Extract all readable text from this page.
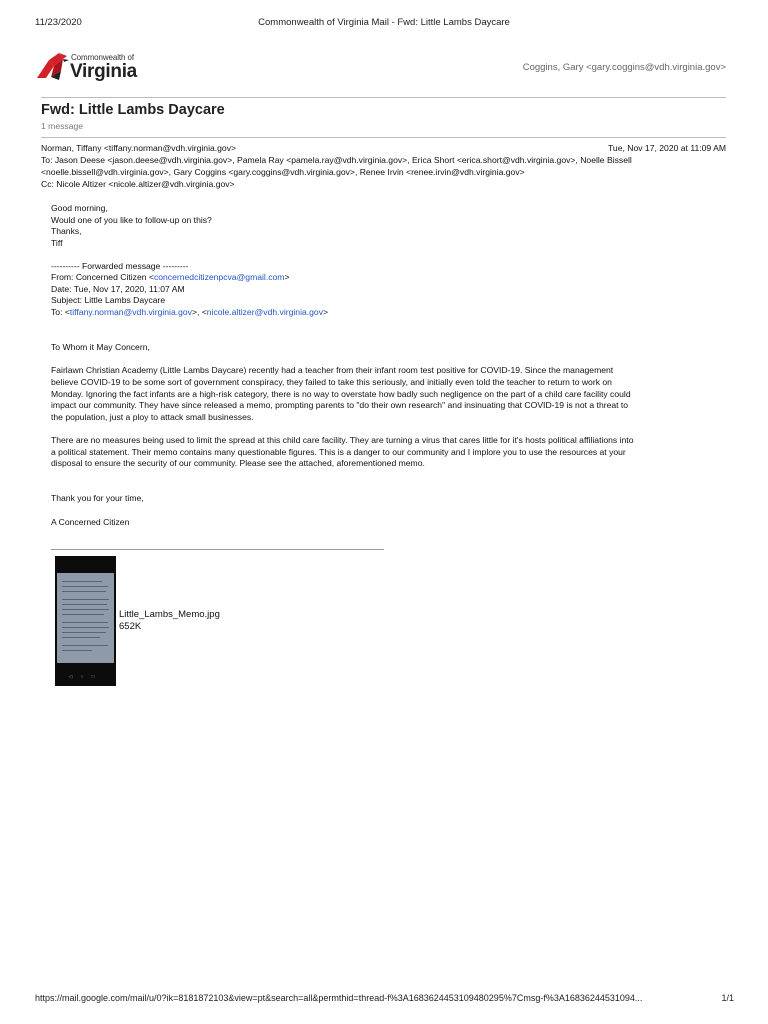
11/23/2020	Commonwealth of Virginia Mail - Fwd: Little Lambs Daycare
Commonwealth of
Virginia	Coggins, Gary <gary.coggins@vdh.virginia.gov>
Fwd: Little Lambs Daycare
1 message
Norman, Tiffany <tiffany.norman@vdh.virginia.gov>	Tue, Nov 17, 2020 at 11:09 AM
To: Jason Deese <jason.deese@vdh.virginia.gov>, Pamela Ray <pamela.ray@vdh.virginia.gov>, Erica Short <erica.short@vdh.virginia.gov>, Noelle Bissell
<noelle.bissell@vdh.virginia.gov>, Gary Coggins <gary.coggins@vdh.virginia.gov>, Renee Irvin <renee.irvin@vdh.virginia.gov>
Cc: Nicole Altizer <nicole.altizer@vdh.virginia.gov>
Good morning,
Would one of you like to follow-up on this?
Thanks,
Tiff
---------- Forwarded message ---------
From: Concerned Citizen <concernedcitizenpcva@gmail.com>
Date: Tue, Nov 17, 2020, 11:07 AM
Subject: Little Lambs Daycare
To: <tiffany.norman@vdh.virginia.gov>, <nicole.altizer@vdh.virginia.gov>
To Whom it May Concern,
Fairlawn Christian Academy (Little Lambs Daycare) recently had a teacher from their infant room test positive for COVID-19. Since the management
believe COVID-19 to be some sort of government conspiracy, they failed to take this seriously, and initially even told the teacher to return to work on
Monday. Ignoring the fact infants are a high-risk category, there is no way to overstate how badly such negligence on the part of a child care facility could
impact our community. They have since released a memo, prompting parents to "do their own research" and insinuating that COVID-19 is not a threat to
the population, just a ploy to attack small businesses.
There are no measures being used to limit the spread at this child care facility. They are turning a virus that cares little for it's hosts political affiliations into
a political statement. Their memo contains many questionable figures. This is a danger to our community and I implore you to use the resources at your
disposal to ensure the security of our community. Please see the attached, aforementioned memo.
Thank you for your time,
A Concerned Citizen
◁○□
Little_Lambs_Memo.jpg
652K
https://mail.google.com/mail/u/0?ik=8181872103&view=pt&search=all&permthid=thread-f%3A1683624453109480295%7Cmsg-f%3A16836244531094...	1/1
